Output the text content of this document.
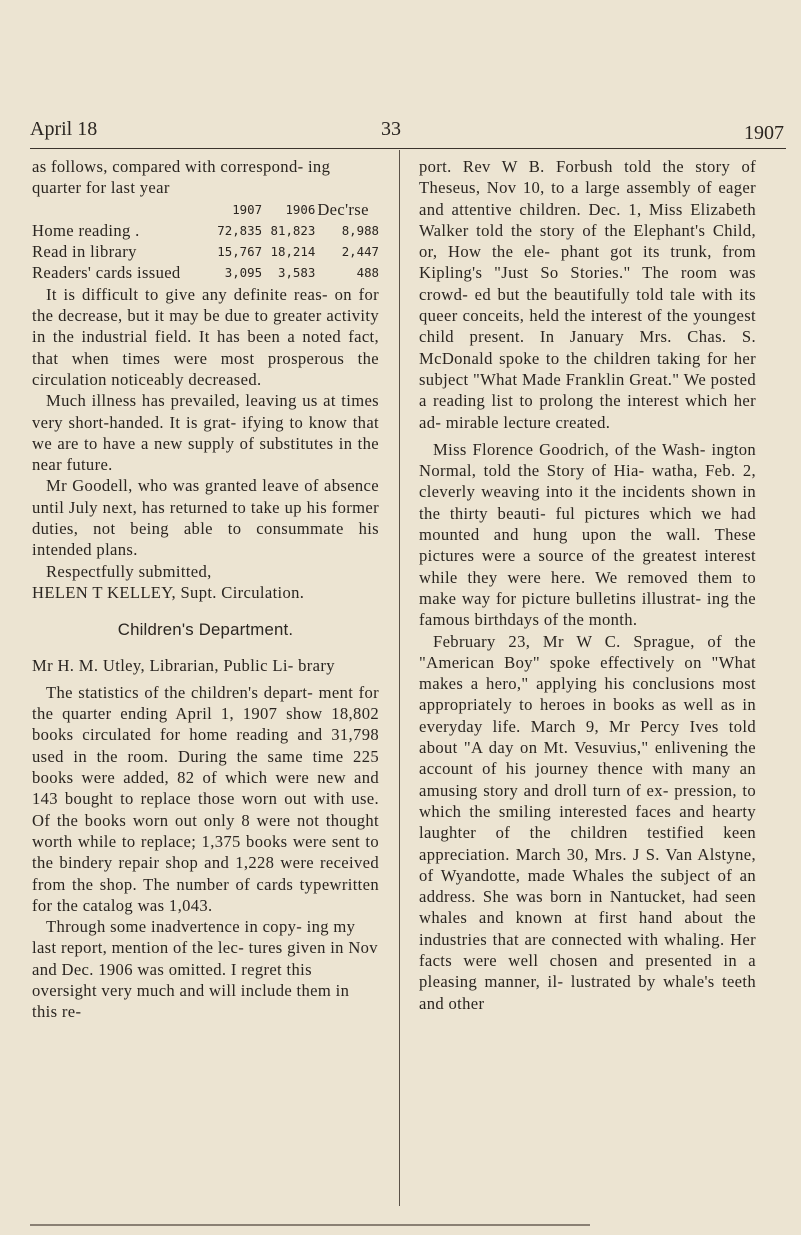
April 18	33	1907

as follows, compared with correspond- ing quarter for last year

	1907	1906	Dec'rse
Home reading .	72,835	81,823	8,988
Read in library	15,767	18,214	2,447
Readers' cards issued	3,095	3,583	488

It is difficult to give any definite reas- on for the decrease, but it may be due to greater activity in the industrial field. It has been a noted fact, that when times were most prosperous the circulation noticeably decreased.

Much illness has prevailed, leaving us at times very short-handed. It is grat- ifying to know that we are to have a new supply of substitutes in the near future.

Mr Goodell, who was granted leave of absence until July next, has returned to take up his former duties, not being able to consummate his intended plans.

Respectfully submitted,

HELEN T KELLEY, Supt. Circulation.

Children's Department.

Mr H. M. Utley, Librarian, Public Li- brary

The statistics of the children's depart- ment for the quarter ending April 1, 1907 show 18,802 books circulated for home reading and 31,798 used in the room. During the same time 225 books were added, 82 of which were new and 143 bought to replace those worn out with use. Of the books worn out only 8 were not thought worth while to replace; 1,375 books were sent to the bindery repair shop and 1,228 were received from the shop. The number of cards typewritten for the catalog was 1,043.

Through some inadvertence in copy- ing my last report, mention of the lec- tures given in Nov and Dec. 1906 was omitted. I regret this oversight very much and will include them in this re-

port. Rev W B. Forbush told the story of Theseus, Nov 10, to a large assembly of eager and attentive children. Dec. 1, Miss Elizabeth Walker told the story of the Elephant's Child, or, How the ele- phant got its trunk, from Kipling's "Just So Stories." The room was crowd- ed but the beautifully told tale with its queer conceits, held the interest of the youngest child present. In January Mrs. Chas. S. McDonald spoke to the children taking for her subject "What Made Franklin Great." We posted a reading list to prolong the interest which her ad- mirable lecture created.

Miss Florence Goodrich, of the Wash- ington Normal, told the Story of Hia- watha, Feb. 2, cleverly weaving into it the incidents shown in the thirty beauti- ful pictures which we had mounted and hung upon the wall. These pictures were a source of the greatest interest while they were here. We removed them to make way for picture bulletins illustrat- ing the famous birthdays of the month.

February 23, Mr W C. Sprague, of the "American Boy" spoke effectively on "What makes a hero," applying his conclusions most appropriately to heroes in books as well as in everyday life. March 9, Mr Percy Ives told about "A day on Mt. Vesuvius," enlivening the account of his journey thence with many an amusing story and droll turn of ex- pression, to which the smiling interested faces and hearty laughter of the children testified keen appreciation. March 30, Mrs. J S. Van Alstyne, of Wyandotte, made Whales the subject of an address. She was born in Nantucket, had seen whales and known at first hand about the industries that are connected with whaling. Her facts were well chosen and presented in a pleasing manner, il- lustrated by whale's teeth and other
